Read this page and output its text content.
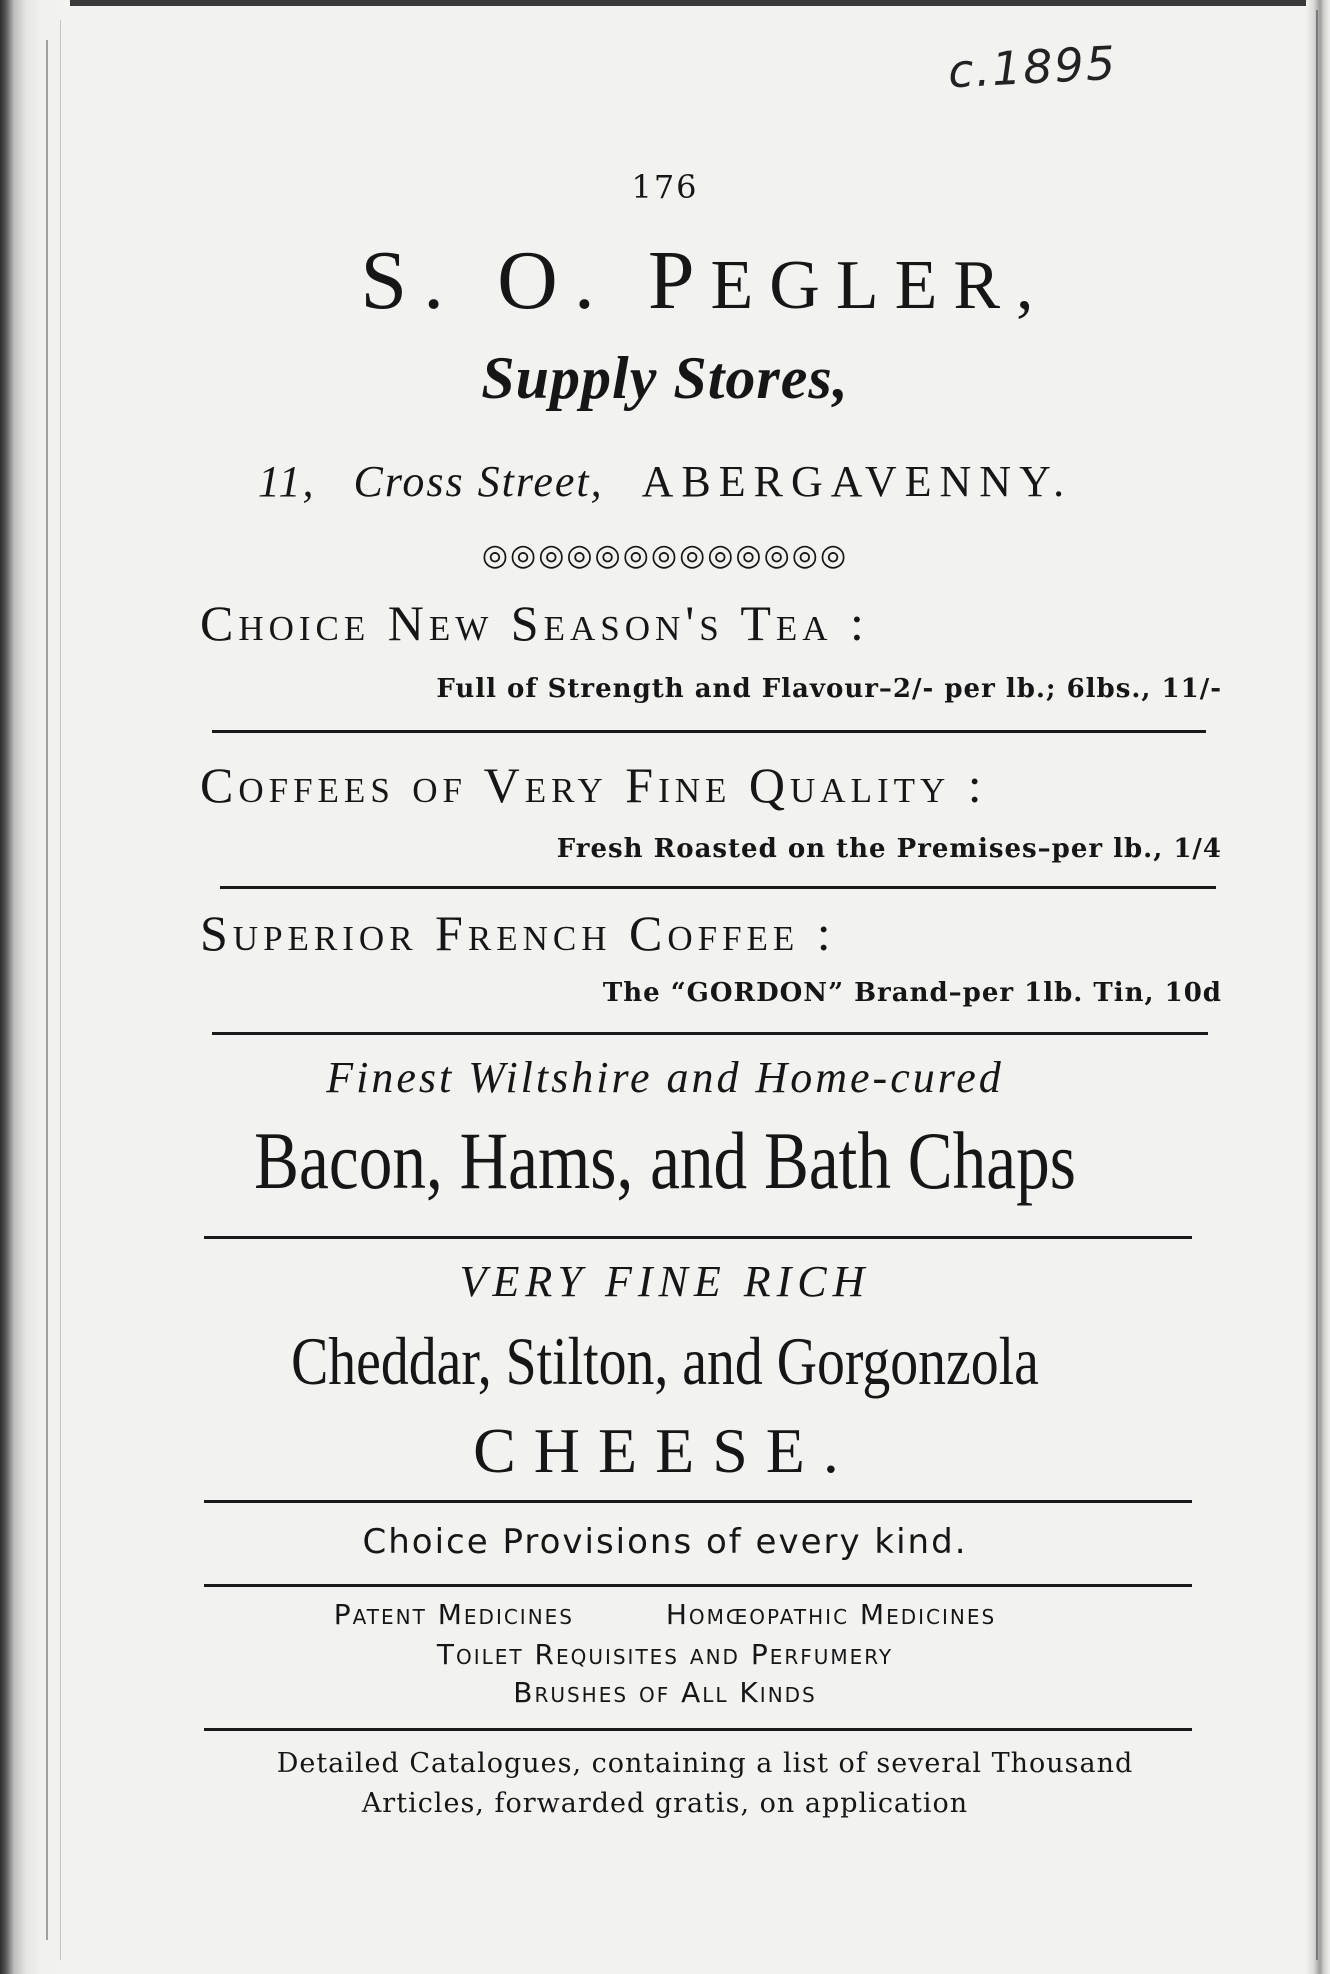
c.1895
176
S. O. PEGLER,
Supply Stores,
11, Cross Street, ABERGAVENNY.
◎◎◎◎◎◎◎◎◎◎◎◎◎
Choice New Season's Tea :
Full of Strength and Flavour–2/- per lb.; 6lbs., 11/-
Coffees of Very Fine Quality :
Fresh Roasted on the Premises–per lb., 1/4
Superior French Coffee :
The “GORDON” Brand–per 1lb. Tin, 10d
Finest Wiltshire and Home-cured
Bacon, Hams, and Bath Chaps
VERY FINE RICH
Cheddar, Stilton, and Gorgonzola
CHEESE.
Choice Provisions of every kind.
Patent Medicines	Homœopathic Medicines
Toilet Requisites and Perfumery
Brushes of All Kinds
Detailed Catalogues, containing a list of several Thousand
Articles, forwarded gratis, on application
